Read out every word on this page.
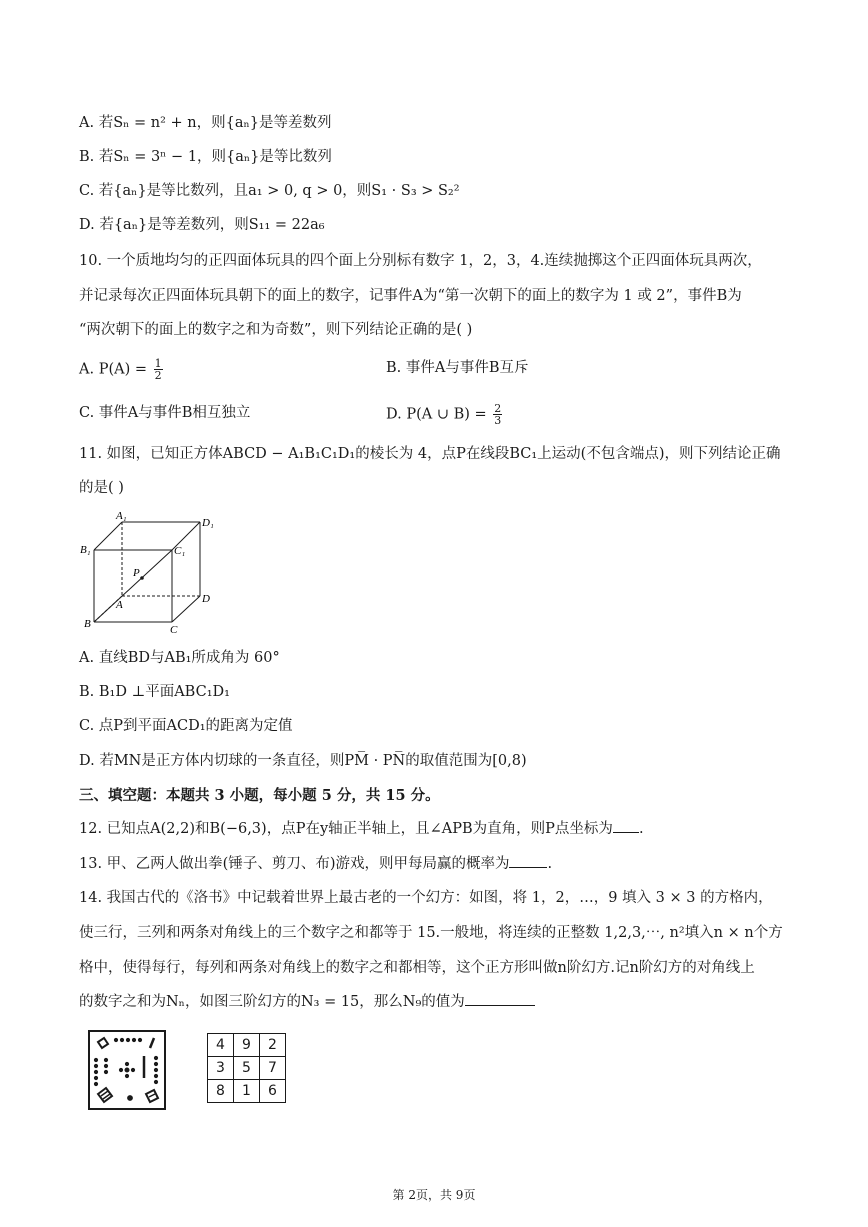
A. 若Sₙ = n² + n，则{aₙ}是等差数列
B. 若Sₙ = 3ⁿ − 1，则{aₙ}是等比数列
C. 若{aₙ}是等比数列，且a₁ > 0, q > 0，则S₁ · S₃ > S₂²
D. 若{aₙ}是等差数列，则S₁₁ = 22a₆
10. 一个质地均匀的正四面体玩具的四个面上分别标有数字 1，2，3，4.连续抛掷这个正四面体玩具两次，
并记录每次正四面体玩具朝下的面上的数字，记事件A为“第一次朝下的面上的数字为 1 或 2”，事件B为
“两次朝下的面上的数字之和为奇数”，则下列结论正确的是( )
A. $P(A) = \frac{1}{2}$	B. 事件A与事件B互斥
C. 事件A与事件B相互独立	D. P(A ∪ $B) = \frac{2}{3}$
11. 如图，已知正方体ABCD − A₁B₁C₁D₁的棱长为 4，点P在线段BC₁上运动(不包含端点)，则下列结论正确
的是( )
A₁
D₁
B₁	C₁
P
A	D
B	C
A. 直线BD与AB₁所成角为 60°
B. B₁D ⊥平面ABC₁D₁
C. 点P到平面ACD₁的距离为定值
D. 若MN是正方体内切球的一条直径，则PM̅ · PN̅的取值范围为[0,8)
三、填空题：本题共 3 小题，每小题 5 分，共 15 分。
12. 已知点A(2,2)和B(−6,3)，点P在y轴正半轴上，且∠APB为直角，则P点坐标为 .
13. 甲、乙两人做出拳(锤子、剪刀、布)游戏，则甲每局赢的概率为	.
14. 我国古代的《洛书》中记载着世界上最古老的一个幻方：如图，将 1，2，…，9 填入 3 × 3 的方格内，
使三行，三列和两条对角线上的三个数字之和都等于 15.一般地，将连续的正整数 1,2,3,⋯, n²填入n × n个方
格中，使得每行，每列和两条对角线上的数字之和都相等，这个正方形叫做n阶幻方.记n阶幻方的对角线上
的数字之和为Nₙ，如图三阶幻方的N₃ = 15，那么N₉的值为
4	9	2
3	5	7
8	1	6
第 2页，共 9页
